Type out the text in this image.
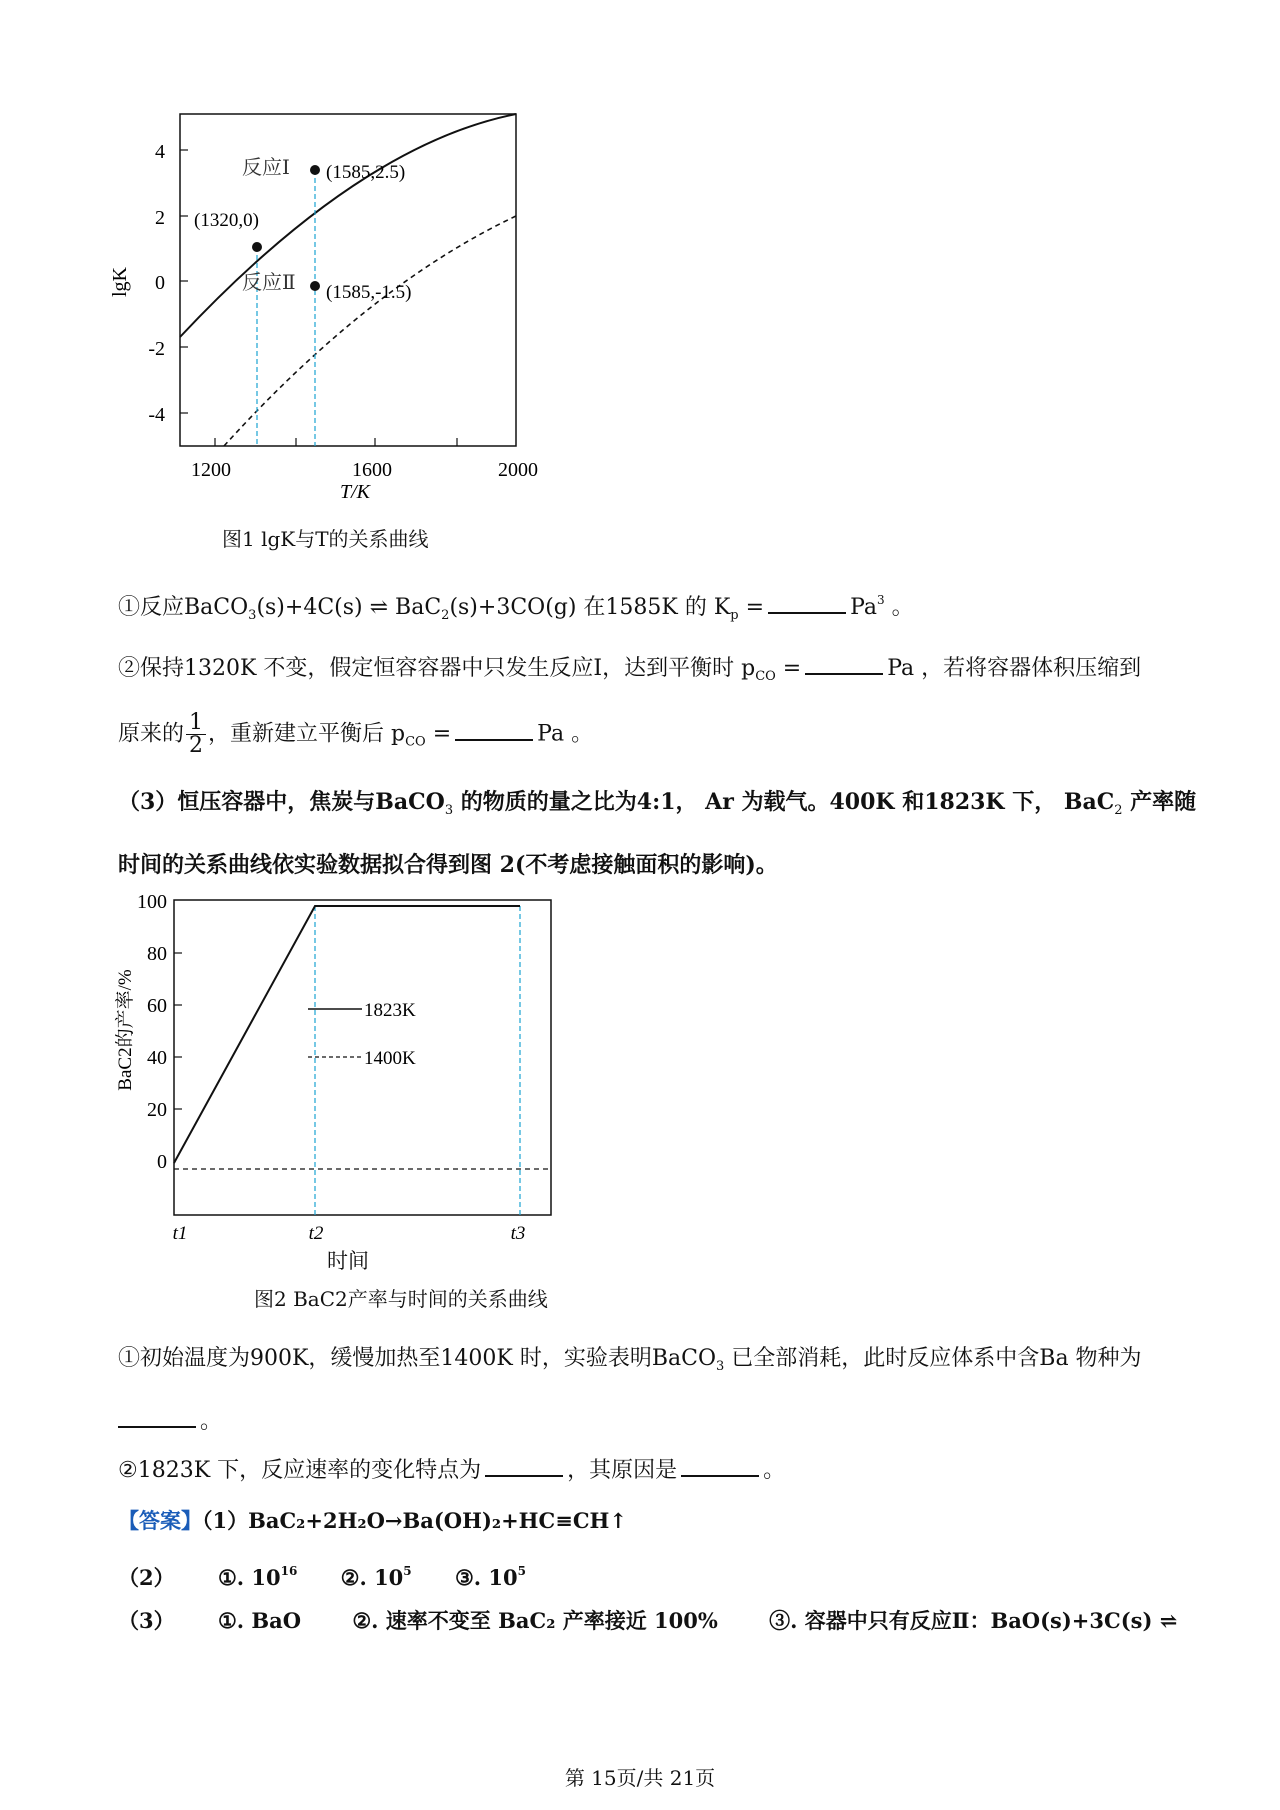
4
2
0
-2
-4
1200	1600	2000
lgK
T/K
(1320,0)
(1585,2.5)
(1585,-1.5)
反应Ⅰ
反应Ⅱ
图1 lgK与T的关系曲线
①反应BaCO$_3$(s)+4C(s) ⇌ BaC$_2$(s)+3CO(g) 在1585K 的 $K_p$ =	$Pa^3$ 。
②保持1320K 不变，假定恒容容器中只发生反应Ⅰ，达到平衡时 $p_{CO}$ =	Pa ，若将容器体积压缩到
原来的 $\frac{1}{2}$ ，重新建立平衡后 $p_{CO}$ =	Pa 。
（3）恒压容器中，焦炭与BaCO$_3$ 的物质的量之比为4:1， Ar 为载气。400K 和1823K 下， BaC$_2$ 产率随
时间的关系曲线依实验数据拟合得到图 2(不考虑接触面积的影响)。
100
80
60
40
20
0
BaC2的产率/%
t1	t2	t3
1823K
1400K
时间
图2 BaC2产率与时间的关系曲线
①初始温度为900K，缓慢加热至1400K 时，实验表明BaCO$_3$ 已全部消耗，此时反应体系中含Ba 物种为
。
②1823K 下，反应速率的变化特点为	，其原因是	。
【答案】（1）BaC₂+2H₂O→Ba(OH)₂+HC≡CH↑
（2） ①. $10^{16}$ ②. $10^5$ ③. $10^5$
（3） ①. BaO ②. 速率不变至 BaC₂ 产率接近 100% ③. 容器中只有反应Ⅱ：BaO(s)+3C(s) ⇌
第 15页/共 21页
